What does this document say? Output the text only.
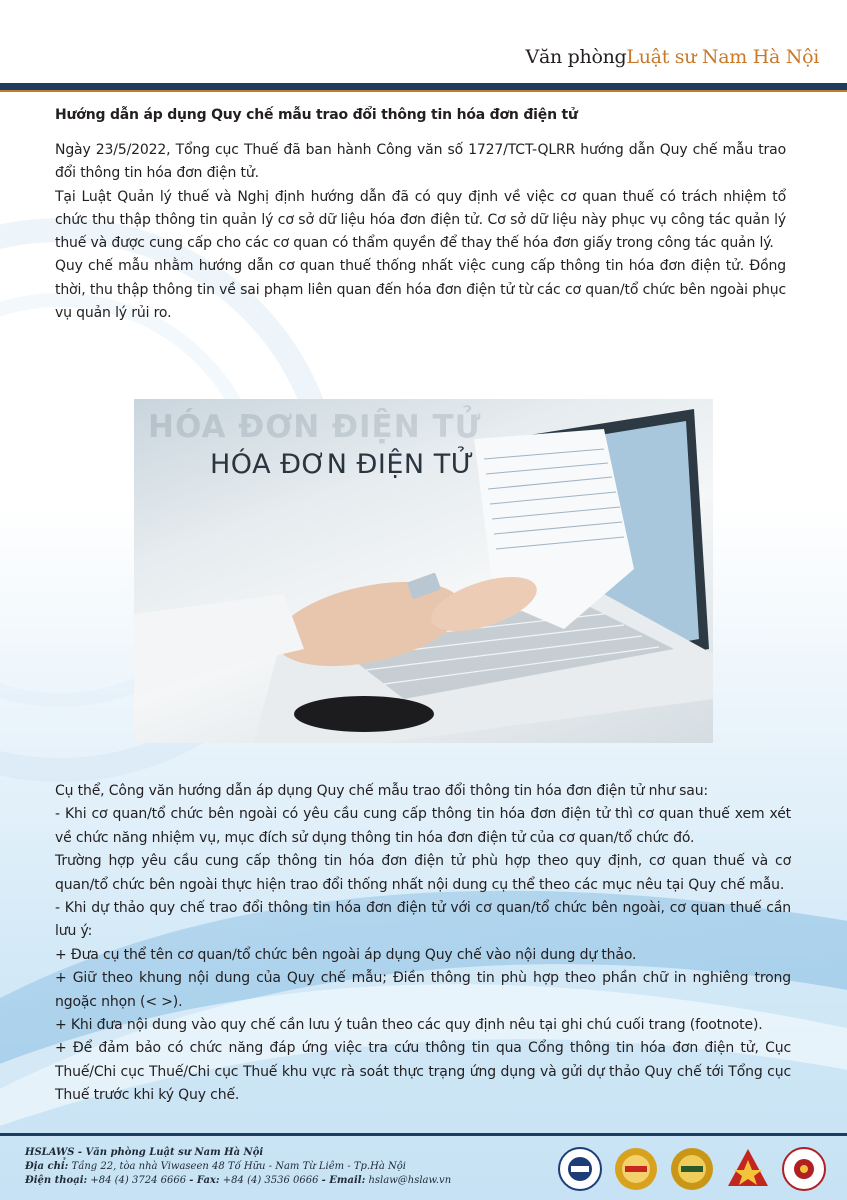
Văn phòngLuật sư Nam Hà Nội

Hướng dẫn áp dụng Quy chế mẫu trao đổi thông tin hóa đơn điện tử

Ngày 23/5/2022, Tổng cục Thuế đã ban hành Công văn số 1727/TCT-QLRR hướng dẫn Quy chế mẫu trao đổi thông tin hóa đơn điện tử.

Tại Luật Quản lý thuế và Nghị định hướng dẫn đã có quy định về việc cơ quan thuế có trách nhiệm tổ chức thu thập thông tin quản lý cơ sở dữ liệu hóa đơn điện tử. Cơ sở dữ liệu này phục vụ công tác quản lý thuế và được cung cấp cho các cơ quan có thẩm quyền để thay thế hóa đơn giấy trong công tác quản lý.

Quy chế mẫu nhằm hướng dẫn cơ quan thuế thống nhất việc cung cấp thông tin hóa đơn điện tử. Đồng thời, thu thập thông tin về sai phạm liên quan đến hóa đơn điện tử từ các cơ quan/tổ chức bên ngoài phục vụ quản lý rủi ro.

HÓA ĐƠN ĐIỆN TỬ
HÓA ĐƠN ĐIỆN TỬ

Cụ thể, Công văn hướng dẫn áp dụng Quy chế mẫu trao đổi thông tin hóa đơn điện tử như sau:

- Khi cơ quan/tổ chức bên ngoài có yêu cầu cung cấp thông tin hóa đơn điện tử thì cơ quan thuế xem xét về chức năng nhiệm vụ, mục đích sử dụng thông tin hóa đơn điện tử của cơ quan/tổ chức đó.

Trường hợp yêu cầu cung cấp thông tin hóa đơn điện tử phù hợp theo quy định, cơ quan thuế và cơ quan/tổ chức bên ngoài thực hiện trao đổi thống nhất nội dung cụ thể theo các mục nêu tại Quy chế mẫu.

- Khi dự thảo quy chế trao đổi thông tin hóa đơn điện tử với cơ quan/tổ chức bên ngoài, cơ quan thuế cần lưu ý:

+ Đưa cụ thể tên cơ quan/tổ chức bên ngoài áp dụng Quy chế vào nội dung dự thảo.

+ Giữ theo khung nội dung của Quy chế mẫu; Điền thông tin phù hợp theo phần chữ in nghiêng trong ngoặc nhọn (< >).

+ Khi đưa nội dung vào quy chế cần lưu ý tuân theo các quy định nêu tại ghi chú cuối trang (footnote).

+ Để đảm bảo có chức năng đáp ứng việc tra cứu thông tin qua Cổng thông tin hóa đơn điện tử, Cục Thuế/Chi cục Thuế/Chi cục Thuế khu vực rà soát thực trạng ứng dụng và gửi dự thảo Quy chế tới Tổng cục Thuế trước khi ký Quy chế.

HSLAWS - Văn phòng Luật sư Nam Hà Nội
Địa chỉ: Tầng 22, tòa nhà Viwaseen 48 Tố Hữu - Nam Từ Liêm - Tp.Hà Nội
Điện thoại: +84 (4) 3724 6666 - Fax: +84 (4) 3536 0666 - Email: hslaw@hslaw.vn
